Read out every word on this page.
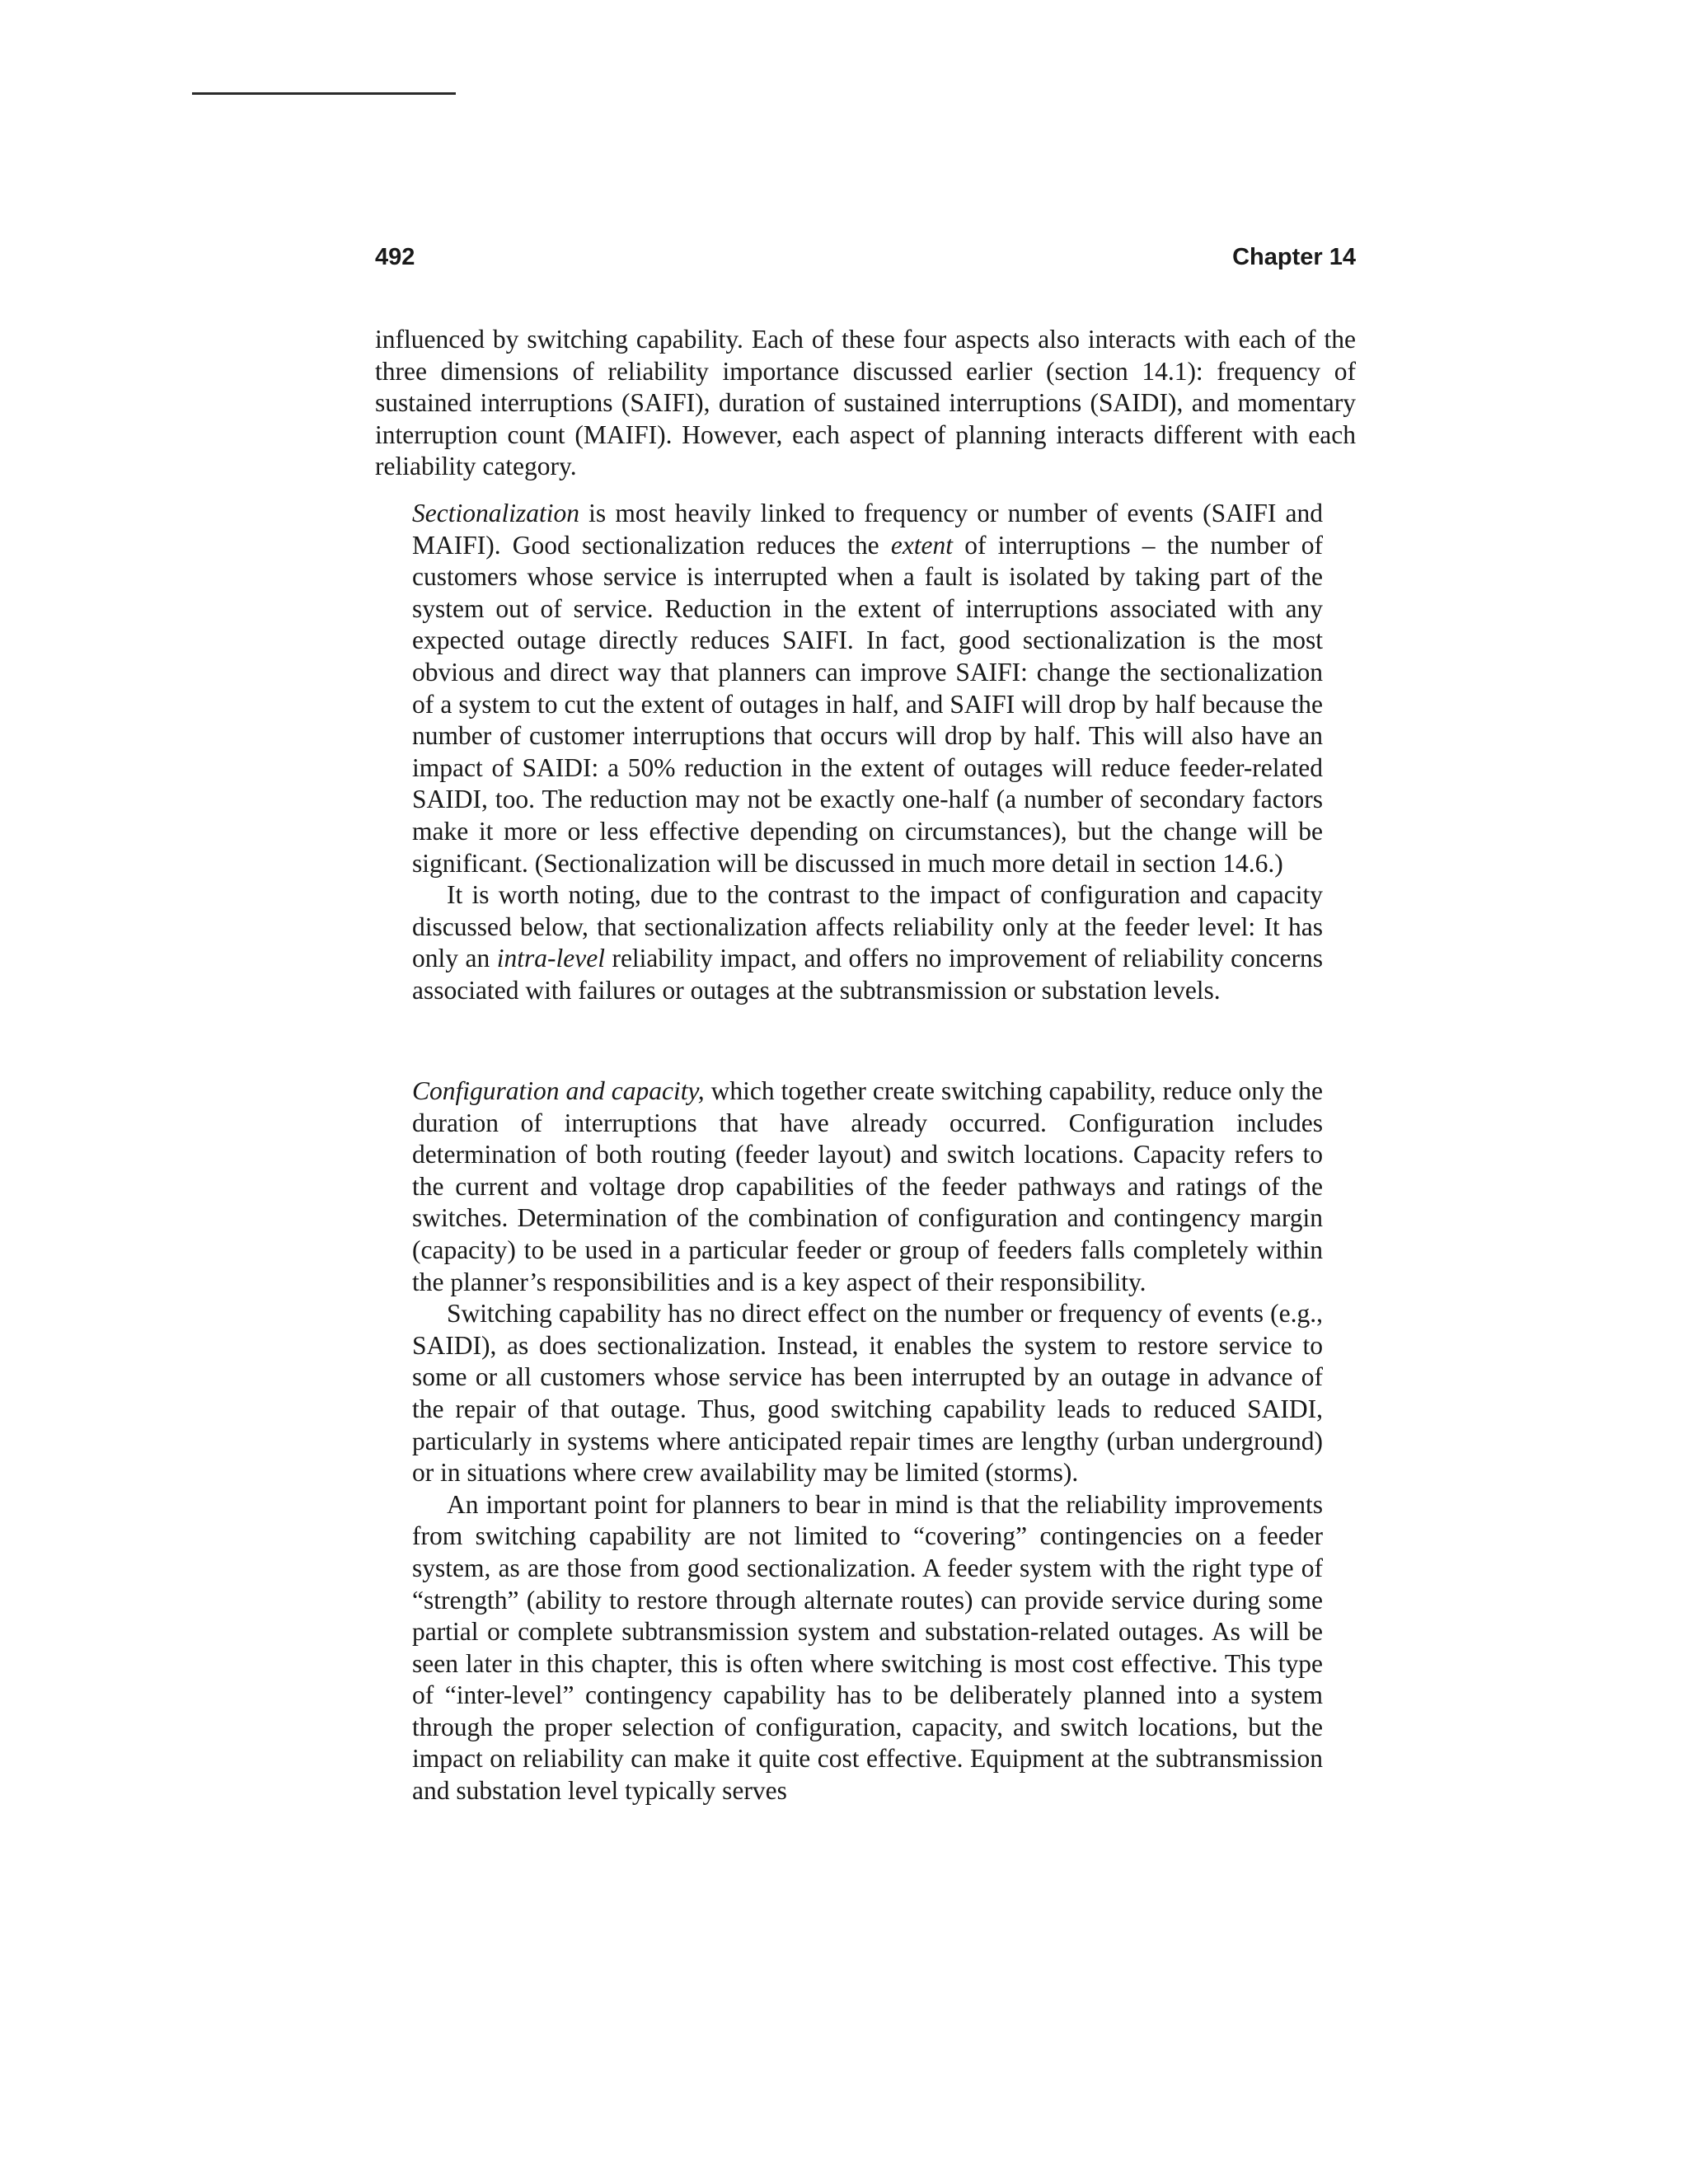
492	Chapter 14

influenced by switching capability. Each of these four aspects also interacts with each of the three dimensions of reliability importance discussed earlier (section 14.1): frequency of sustained interruptions (SAIFI), duration of sustained interruptions (SAIDI), and momentary interruption count (MAIFI). However, each aspect of planning interacts different with each reliability category.

Sectionalization is most heavily linked to frequency or number of events (SAIFI and MAIFI). Good sectionalization reduces the extent of interruptions – the number of customers whose service is interrupted when a fault is isolated by taking part of the system out of service. Reduction in the extent of interruptions associated with any expected outage directly reduces SAIFI. In fact, good sectionalization is the most obvious and direct way that planners can improve SAIFI: change the sectionalization of a system to cut the extent of outages in half, and SAIFI will drop by half because the number of customer interruptions that occurs will drop by half. This will also have an impact of SAIDI: a 50% reduction in the extent of outages will reduce feeder-related SAIDI, too. The reduction may not be exactly one-half (a number of secondary factors make it more or less effective depending on circumstances), but the change will be significant. (Sectionalization will be discussed in much more detail in section 14.6.)

It is worth noting, due to the contrast to the impact of configuration and capacity discussed below, that sectionalization affects reliability only at the feeder level: It has only an intra-level reliability impact, and offers no improvement of reliability concerns associated with failures or outages at the subtransmission or substation levels.

Configuration and capacity, which together create switching capability, reduce only the duration of interruptions that have already occurred. Configuration includes determination of both routing (feeder layout) and switch locations. Capacity refers to the current and voltage drop capabilities of the feeder pathways and ratings of the switches. Determination of the combination of configuration and contingency margin (capacity) to be used in a particular feeder or group of feeders falls completely within the planner’s responsibilities and is a key aspect of their responsibility.

Switching capability has no direct effect on the number or frequency of events (e.g., SAIDI), as does sectionalization. Instead, it enables the system to restore service to some or all customers whose service has been interrupted by an outage in advance of the repair of that outage. Thus, good switching capability leads to reduced SAIDI, particularly in systems where anticipated repair times are lengthy (urban underground) or in situations where crew availability may be limited (storms).

An important point for planners to bear in mind is that the reliability improvements from switching capability are not limited to “covering” contingencies on a feeder system, as are those from good sectionalization. A feeder system with the right type of “strength” (ability to restore through alternate routes) can provide service during some partial or complete subtransmission system and substation-related outages. As will be seen later in this chapter, this is often where switching is most cost effective. This type of “inter-level” contingency capability has to be deliberately planned into a system through the proper selection of configuration, capacity, and switch locations, but the impact on reliability can make it quite cost effective. Equipment at the subtransmission and substation level typically serves
